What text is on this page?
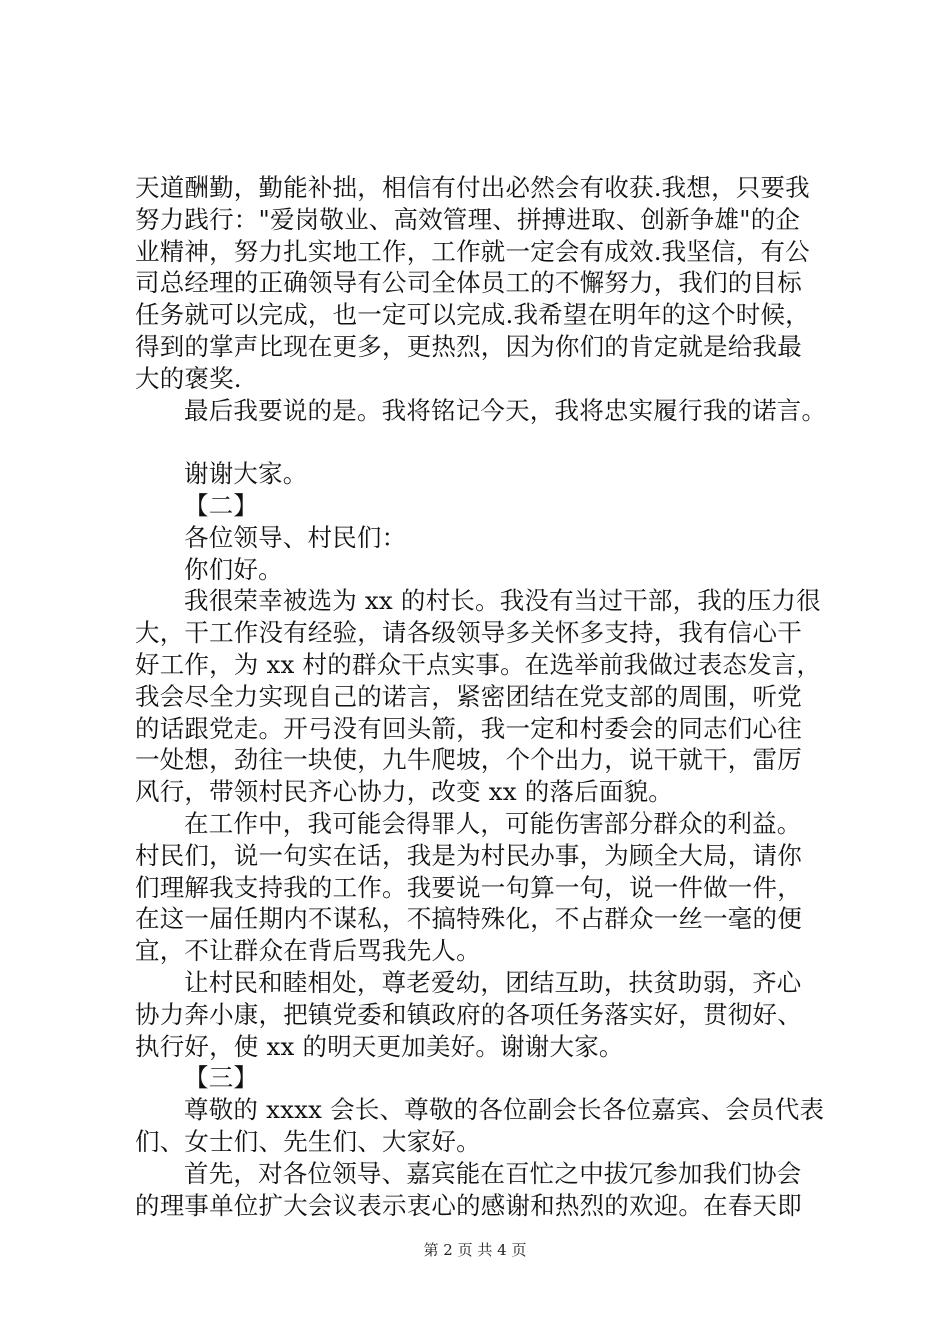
天道酬勤，勤能补拙，相信有付出必然会有收获.我想，只要我
努力践行："爱岗敬业、高效管理、拼搏进取、创新争雄"的企
业精神，努力扎实地工作，工作就一定会有成效.我坚信，有公
司总经理的正确领导有公司全体员工的不懈努力，我们的目标
任务就可以完成，也一定可以完成.我希望在明年的这个时候，
得到的掌声比现在更多，更热烈，因为你们的肯定就是给我最
大的褒奖.
最后我要说的是。我将铭记今天，我将忠实履行我的诺言。
谢谢大家。
【二】
各位领导、村民们：
你们好。
我很荣幸被选为 xx 的村长。我没有当过干部，我的压力很
大，干工作没有经验，请各级领导多关怀多支持，我有信心干
好工作，为 xx 村的群众干点实事。在选举前我做过表态发言，
我会尽全力实现自己的诺言，紧密团结在党支部的周围，听党
的话跟党走。开弓没有回头箭，我一定和村委会的同志们心往
一处想，劲往一块使，九牛爬坡，个个出力，说干就干，雷厉
风行，带领村民齐心协力，改变 xx 的落后面貌。
在工作中，我可能会得罪人，可能伤害部分群众的利益。
村民们，说一句实在话，我是为村民办事，为顾全大局，请你
们理解我支持我的工作。我要说一句算一句，说一件做一件，
在这一届任期内不谋私，不搞特殊化，不占群众一丝一毫的便
宜，不让群众在背后骂我先人。
让村民和睦相处，尊老爱幼，团结互助，扶贫助弱，齐心
协力奔小康，把镇党委和镇政府的各项任务落实好，贯彻好、
执行好，使 xx 的明天更加美好。谢谢大家。
【三】
尊敬的 xxxx 会长、尊敬的各位副会长各位嘉宾、会员代表
们、女士们、先生们、大家好。
首先，对各位领导、嘉宾能在百忙之中拔冗参加我们协会
的理事单位扩大会议表示衷心的感谢和热烈的欢迎。在春天即
第 2 页 共 4 页
